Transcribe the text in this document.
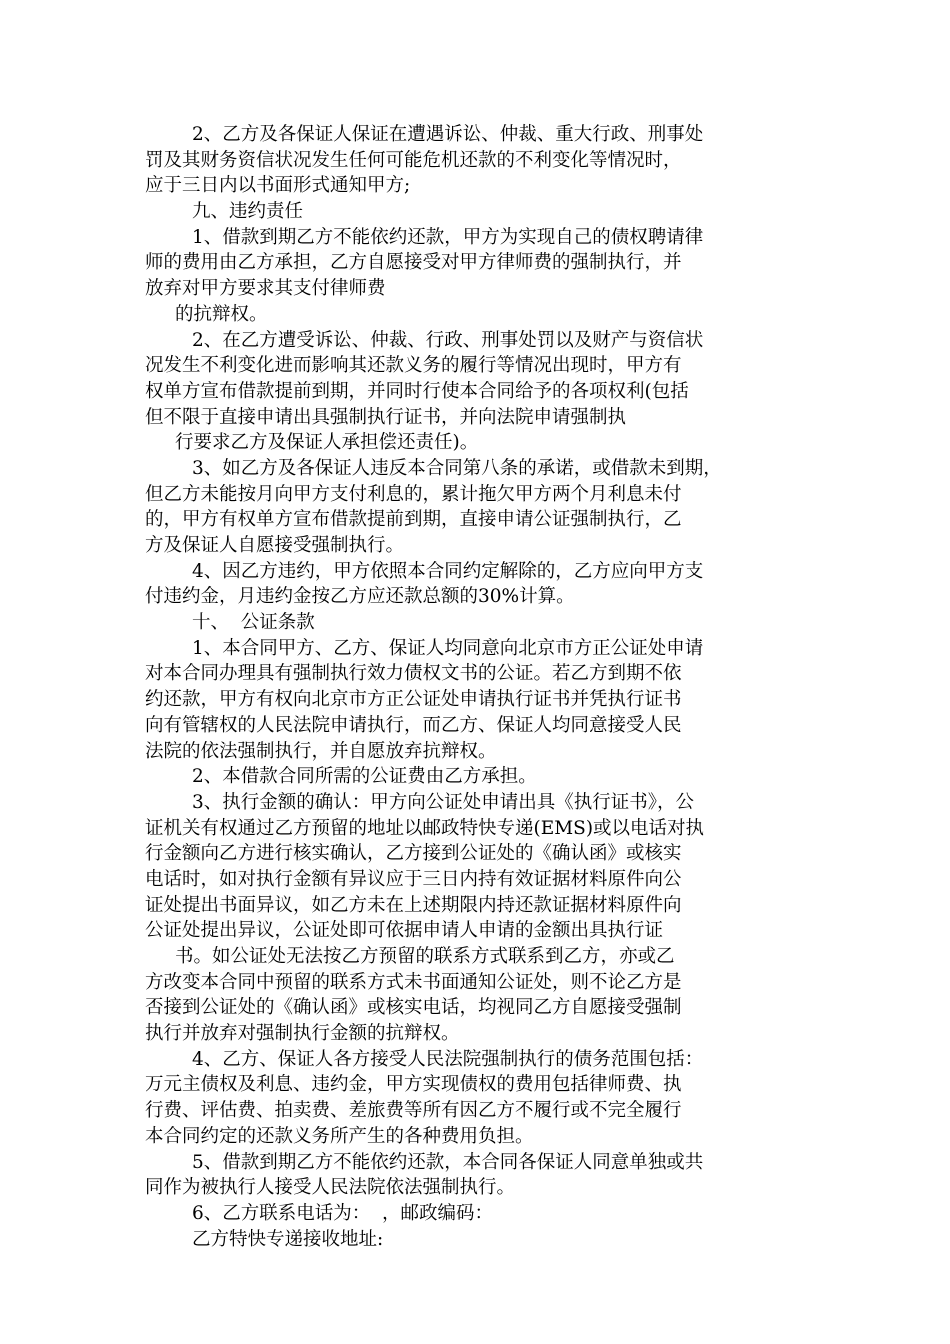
2、乙方及各保证人保证在遭遇诉讼、仲裁、重大行政、刑事处
罚及其财务资信状况发生任何可能危机还款的不利变化等情况时，
应于三日内以书面形式通知甲方;
九、违约责任
1、借款到期乙方不能依约还款，甲方为实现自己的债权聘请律
师的费用由乙方承担，乙方自愿接受对甲方律师费的强制执行，并
放弃对甲方要求其支付律师费
的抗辩权。
2、在乙方遭受诉讼、仲裁、行政、刑事处罚以及财产与资信状
况发生不利变化进而影响其还款义务的履行等情况出现时，甲方有
权单方宣布借款提前到期，并同时行使本合同给予的各项权利(包括
但不限于直接申请出具强制执行证书，并向法院申请强制执
行要求乙方及保证人承担偿还责任)。
3、如乙方及各保证人违反本合同第八条的承诺，或借款未到期，
但乙方未能按月向甲方支付利息的，累计拖欠甲方两个月利息未付
的，甲方有权单方宣布借款提前到期，直接申请公证强制执行，乙
方及保证人自愿接受强制执行。
4、因乙方违约，甲方依照本合同约定解除的，乙方应向甲方支
付违约金，月违约金按乙方应还款总额的30%计算。
十、  公证条款
1、本合同甲方、乙方、保证人均同意向北京市方正公证处申请
对本合同办理具有强制执行效力债权文书的公证。若乙方到期不依
约还款，甲方有权向北京市方正公证处申请执行证书并凭执行证书
向有管辖权的人民法院申请执行，而乙方、保证人均同意接受人民
法院的依法强制执行，并自愿放弃抗辩权。
2、本借款合同所需的公证费由乙方承担。
3、执行金额的确认：甲方向公证处申请出具《执行证书》，公
证机关有权通过乙方预留的地址以邮政特快专递(EMS)或以电话对执
行金额向乙方进行核实确认，乙方接到公证处的《确认函》或核实
电话时，如对执行金额有异议应于三日内持有效证据材料原件向公
证处提出书面异议，如乙方未在上述期限内持还款证据材料原件向
公证处提出异议，公证处即可依据申请人申请的金额出具执行证
书。如公证处无法按乙方预留的联系方式联系到乙方，亦或乙
方改变本合同中预留的联系方式未书面通知公证处，则不论乙方是
否接到公证处的《确认函》或核实电话，均视同乙方自愿接受强制
执行并放弃对强制执行金额的抗辩权。
4、乙方、保证人各方接受人民法院强制执行的债务范围包括：
万元主债权及利息、违约金，甲方实现债权的费用包括律师费、执
行费、评估费、拍卖费、差旅费等所有因乙方不履行或不完全履行
本合同约定的还款义务所产生的各种费用负担。
5、借款到期乙方不能依约还款，本合同各保证人同意单独或共
同作为被执行人接受人民法院依法强制执行。
6、乙方联系电话为：  ，邮政编码：
乙方特快专递接收地址:
